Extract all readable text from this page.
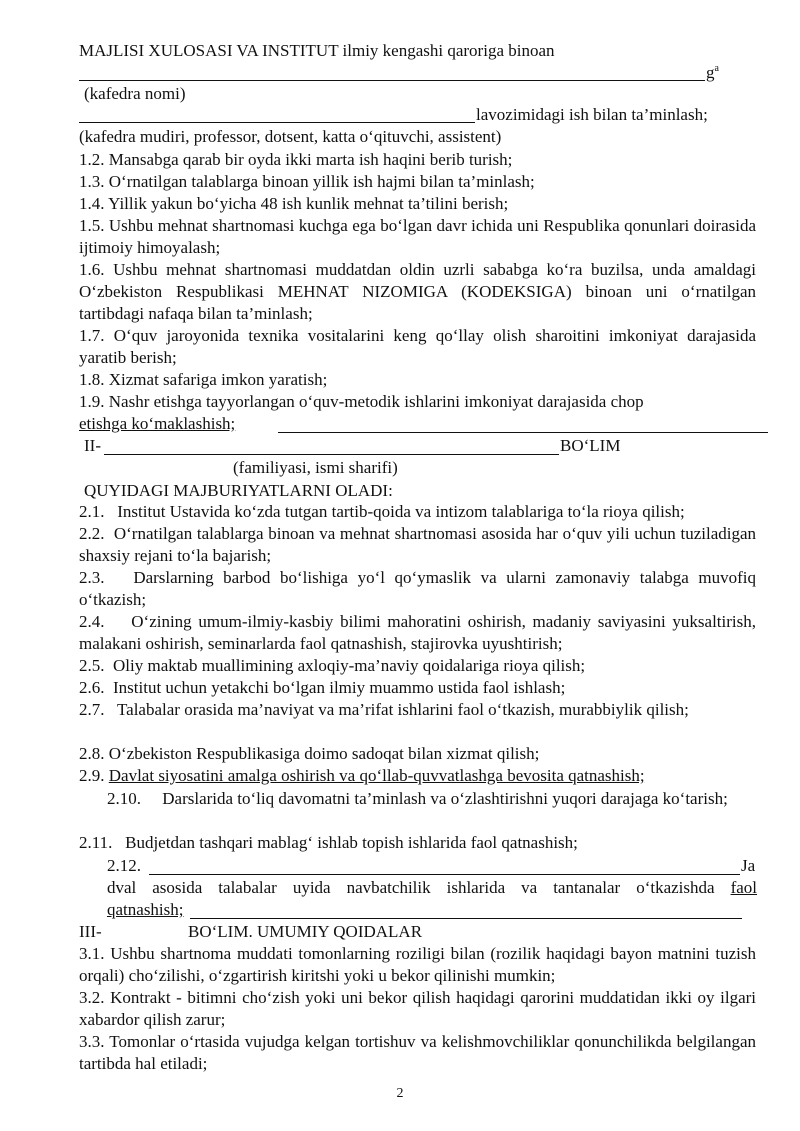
MAJLISI XULOSASI VA INSTITUT ilmiy kengashi qaroriga binoan
$g^a$
(kafedra nomi)
lavozimidagi ish bilan ta’minlash;
(kafedra mudiri, professor, dotsent, katta o‘qituvchi, assistent)
1.2. Mansabga qarab bir oyda ikki marta ish haqini berib turish;
1.3. O‘rnatilgan talablarga binoan yillik ish hajmi bilan ta’minlash;
1.4. Yillik yakun bo‘yicha 48 ish kunlik mehnat ta’tilini berish;
1.5. Ushbu mehnat shartnomasi kuchga ega bo‘lgan davr ichida uni Respublika qonunlari doirasida ijtimoiy himoyalash;
1.6. Ushbu mehnat shartnomasi muddatdan oldin uzrli sababga ko‘ra buzilsa, unda amaldagi O‘zbekiston Respublikasi MEHNAT NIZOMIGA (KODEKSIGA) binoan uni o‘rnatilgan tartibdagi nafaqa bilan ta’minlash;
1.7. O‘quv jaroyonida texnika vositalarini keng qo‘llay olish sharoitini imkoniyat darajasida yaratib berish;
1.8. Xizmat safariga imkon yaratish;
1.9. Nashr etishga tayyorlangan o‘quv-metodik ishlarini imkoniyat darajasida chop
etishga ko‘maklashish;
II-	BO‘LIM
(familiyasi, ismi sharifi)
QUYIDAGI MAJBURIYATLARNI OLADI:
2.1. Institut Ustavida ko‘zda tutgan tartib-qoida va intizom talablariga to‘la rioya qilish;
2.2. O‘rnatilgan talablarga binoan va mehnat shartnomasi asosida har o‘quv yili uchun tuziladigan shaxsiy rejani to‘la bajarish;
2.3. Darslarning barbod bo‘lishiga yo‘l qo‘ymaslik va ularni zamonaviy talabga muvofiq o‘tkazish;
2.4. O‘zining umum-ilmiy-kasbiy bilimi mahoratini oshirish, madaniy saviyasini yuksaltirish, malakani oshirish, seminarlarda faol qatnashish, stajirovka uyushtirish;
2.5. Oliy maktab muallimining axloqiy-ma’naviy qoidalariga rioya qilish;
2.6. Institut uchun yetakchi bo‘lgan ilmiy muammo ustida faol ishlash;
2.7. Talabalar orasida ma’naviyat va ma’rifat ishlarini faol o‘tkazish, murabbiylik qilish;
2.8. O‘zbekiston Respublikasiga doimo sadoqat bilan xizmat qilish;
2.9. Davlat siyosatini amalga oshirish va qo‘llab-quvvatlashga bevosita qatnashish;
2.10. Darslarida to‘liq davomatni ta’minlash va o‘zlashtirishni yuqori darajaga ko‘tarish;
2.11. Budjetdan tashqari mablag‘ ishlab topish ishlarida faol qatnashish;
2.12.	Ja
dval asosida talabalar uyida navbatchilik ishlarida va tantanalar o‘tkazishda faol
qatnashish;
III-	BO‘LIM. UMUMIY QOIDALAR
3.1. Ushbu shartnoma muddati tomonlarning roziligi bilan (rozilik haqidagi bayon matnini tuzish orqali) cho‘zilishi, o‘zgartirish kiritshi yoki u bekor qilinishi mumkin;
3.2. Kontrakt - bitimni cho‘zish yoki uni bekor qilish haqidagi qarorini muddatidan ikki oy ilgari xabardor qilish zarur;
3.3. Tomonlar o‘rtasida vujudga kelgan tortishuv va kelishmovchiliklar qonunchilikda belgilangan tartibda hal etiladi;
2
